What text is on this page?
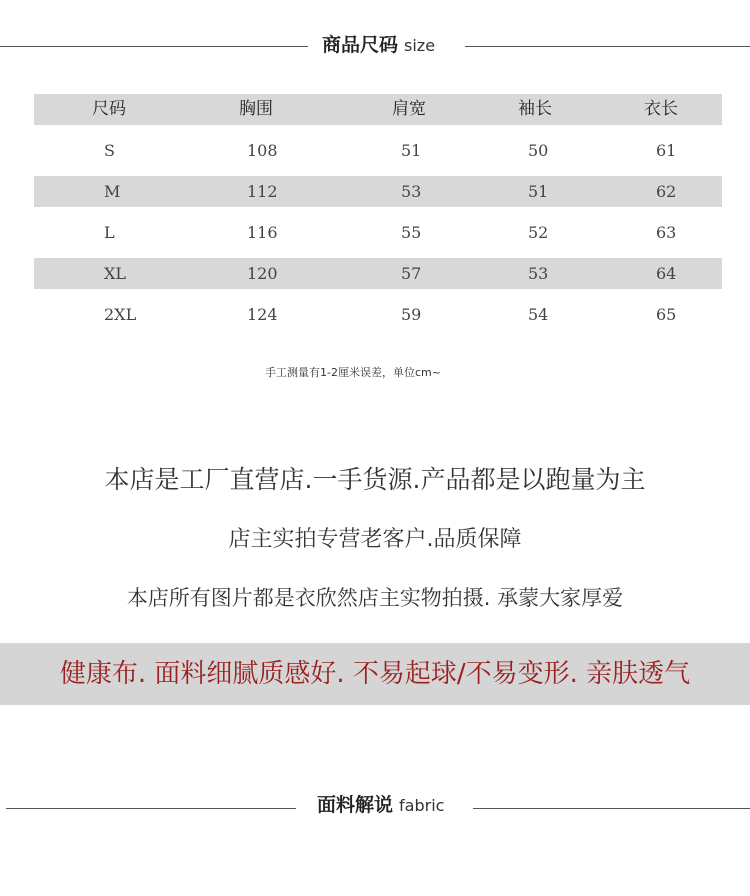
商品尺码 size
尺码	胸围	肩宽	袖长	衣长
S	108	51	50	61
M	112	53	51	62
L	116	55	52	63
XL	120	57	53	64
2XL	124	59	54	65
手工测量有1-2厘米误差，单位cm~
本店是工厂直营店.一手货源.产品都是以跑量为主
店主实拍专营老客户.品质保障
本店所有图片都是衣欣然店主实物拍摄. 承蒙大家厚爱
健康布. 面料细腻质感好. 不易起球/不易变形. 亲肤透气
面料解说 fabric
